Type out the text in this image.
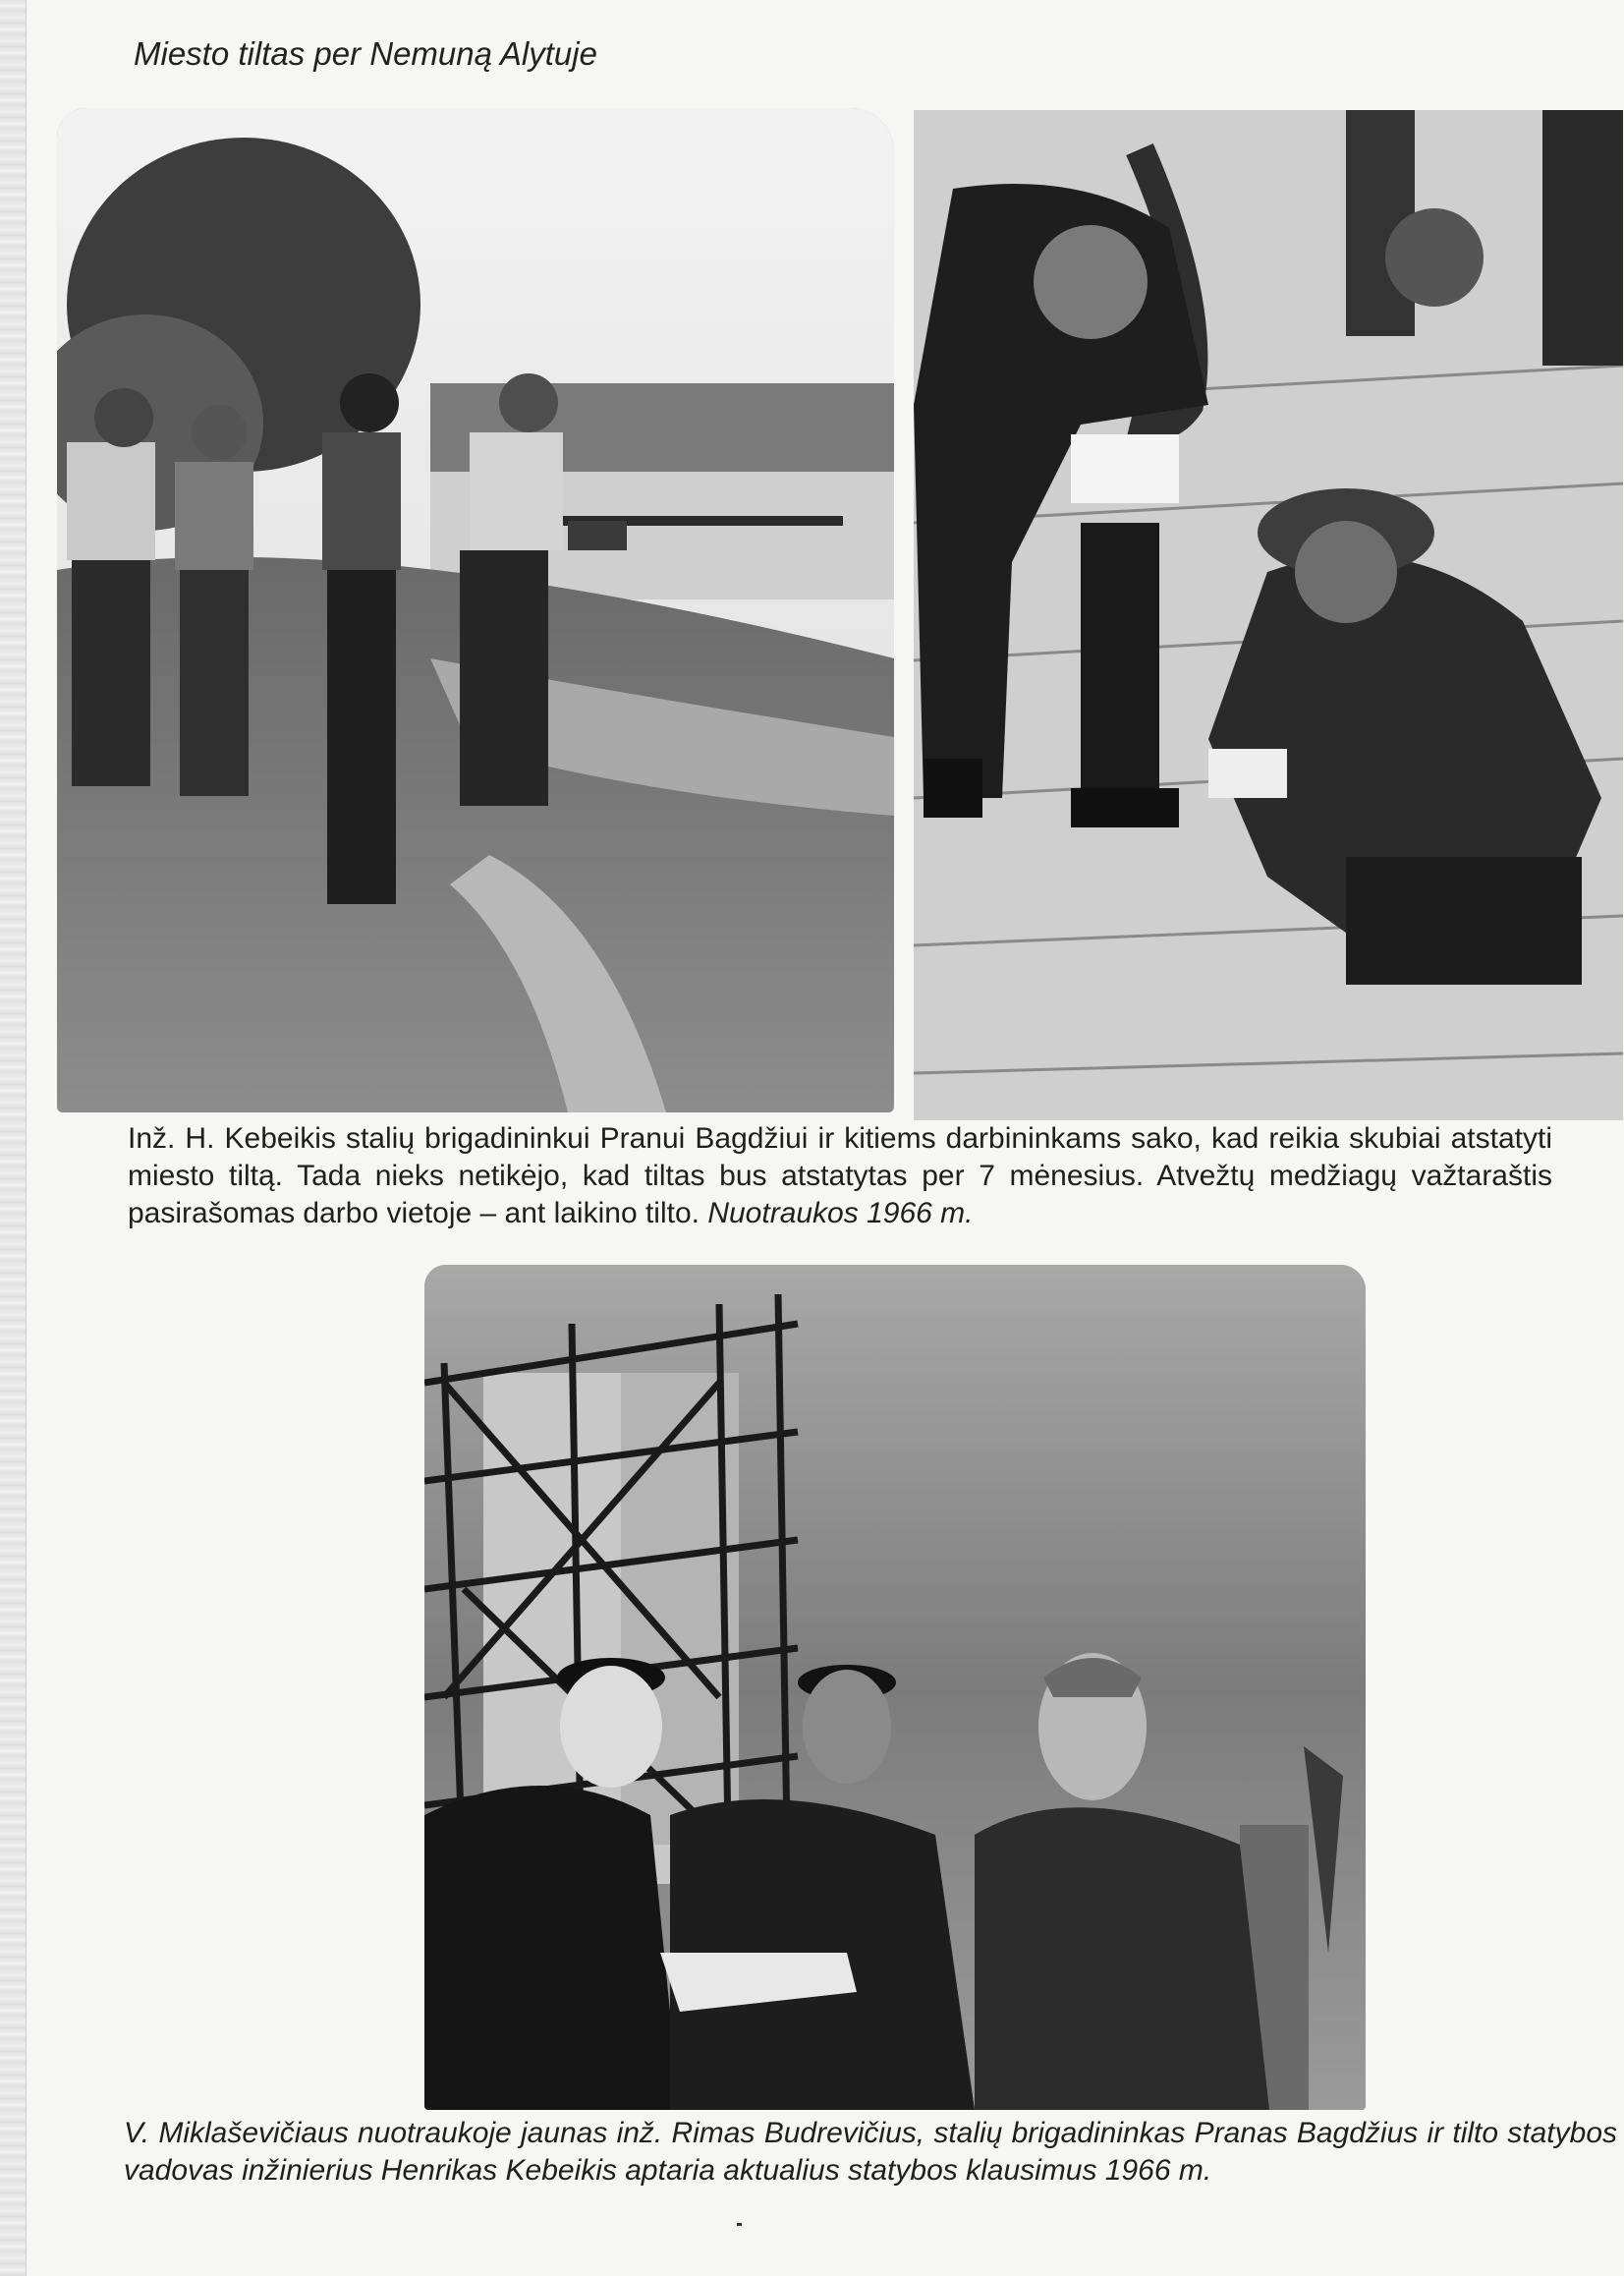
Miesto tiltas per Nemuną Alytuje
Inž. H. Kebeikis stalių brigadininkui Pranui Bagdžiui ir kitiems darbininkams sako, kad reikia skubiai atstatyti miesto tiltą. Tada nieks netikėjo, kad tiltas bus atstatytas per 7 mėnesius. Atvežtų medžiagų važtaraštis pasirašomas darbo vietoje – ant laikino tilto. Nuotraukos 1966 m.
V. Miklaševičiaus nuotraukoje jaunas inž. Rimas Budrevičius, stalių brigadininkas Pranas Bagdžius ir tilto statybos vadovas inžinierius Henrikas Kebeikis aptaria aktualius statybos klausimus 1966 m.
